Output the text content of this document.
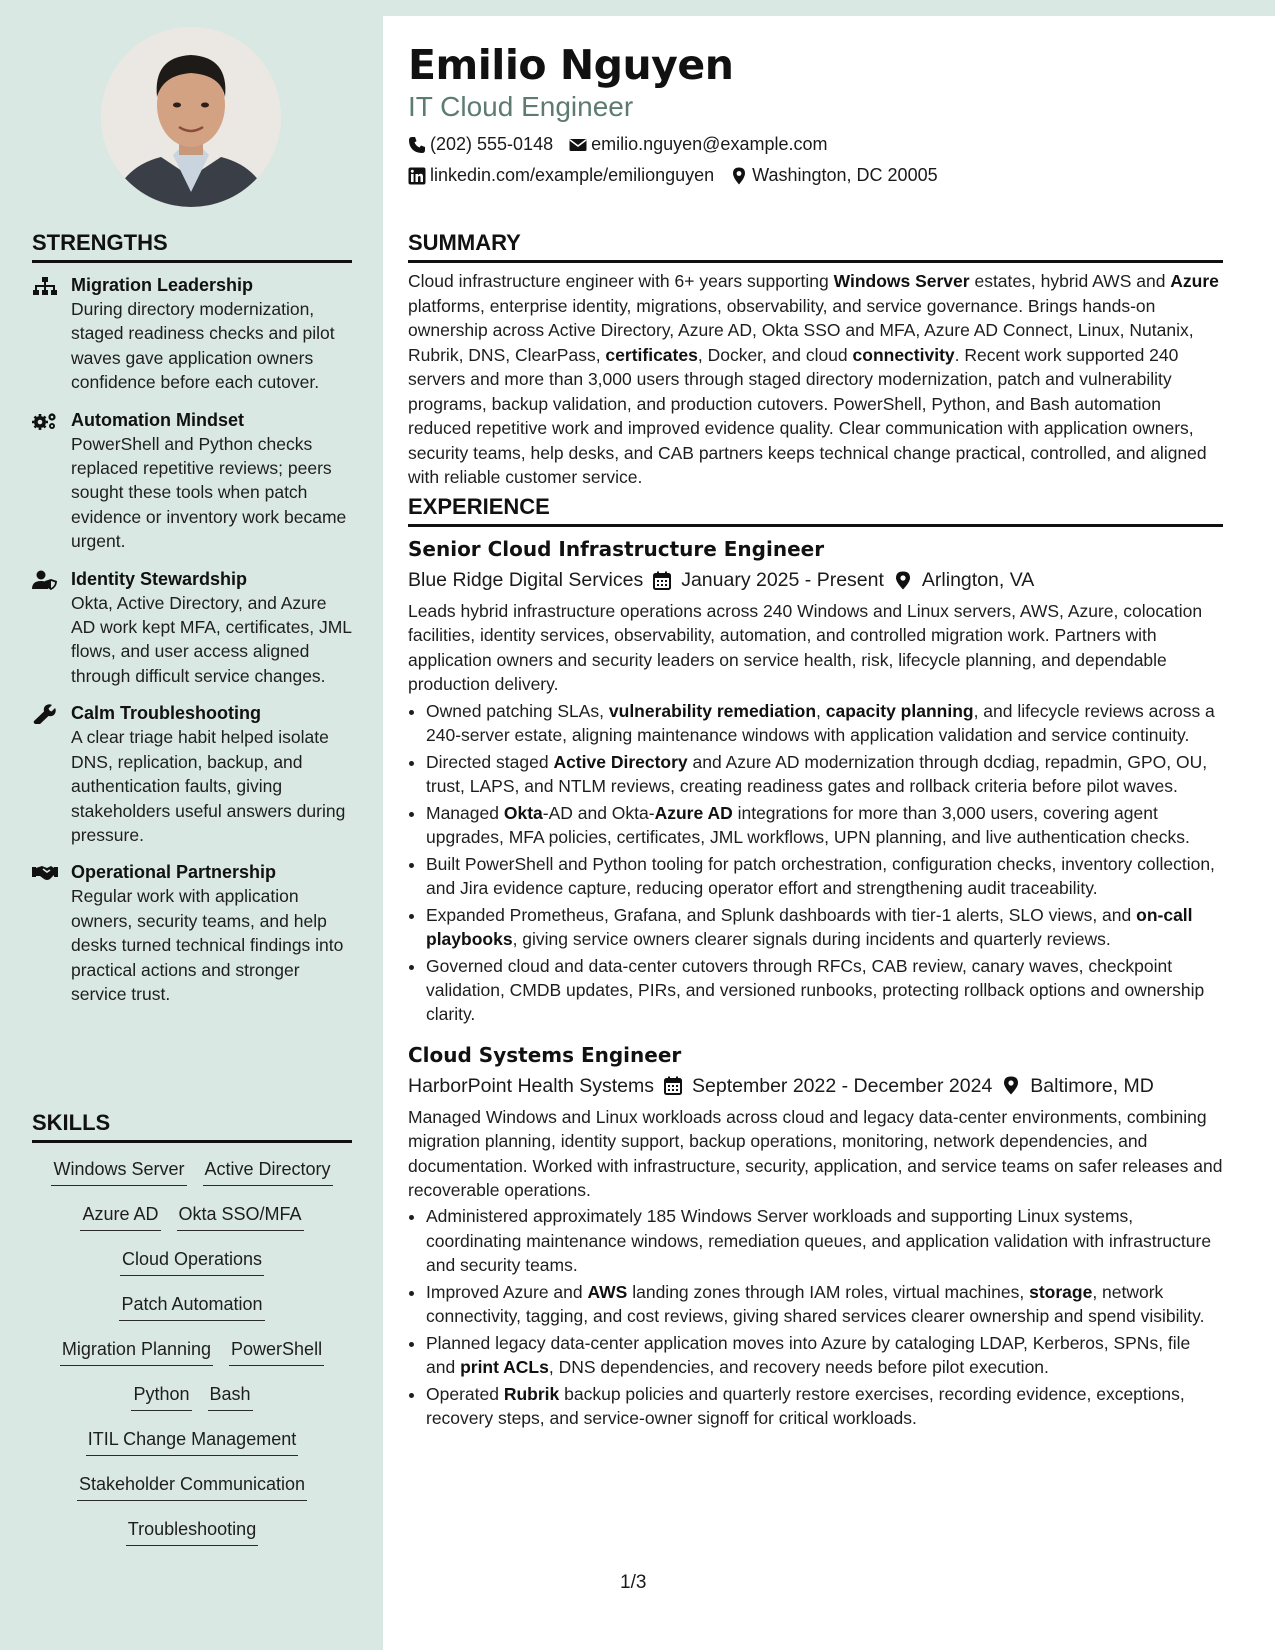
STRENGTHS
Migration Leadership
During directory modernization, staged readiness checks and pilot waves gave application owners confidence before each cutover.
Automation Mindset
PowerShell and Python checks replaced repetitive reviews; peers sought these tools when patch evidence or inventory work became urgent.
Identity Stewardship
Okta, Active Directory, and Azure AD work kept MFA, certificates, JML flows, and user access aligned through difficult service changes.
Calm Troubleshooting
A clear triage habit helped isolate DNS, replication, backup, and authentication faults, giving stakeholders useful answers during pressure.
Operational Partnership
Regular work with application owners, security teams, and help desks turned technical findings into practical actions and stronger service trust.
SKILLS
Windows Server Active Directory
Azure AD Okta SSO/MFA
Cloud Operations
Patch Automation
Migration Planning PowerShell
Python Bash
ITIL Change Management
Stakeholder Communication
Troubleshooting
Emilio Nguyen
IT Cloud Engineer
(202) 555-0148 emilio.nguyen@example.com
linkedin.com/example/emilionguyen Washington, DC 20005
SUMMARY
Cloud infrastructure engineer with 6+ years supporting Windows Server estates, hybrid AWS and Azure platforms, enterprise identity, migrations, observability, and service governance. Brings hands-on ownership across Active Directory, Azure AD, Okta SSO and MFA, Azure AD Connect, Linux, Nutanix, Rubrik, DNS, ClearPass, certificates, Docker, and cloud connectivity. Recent work supported 240 servers and more than 3,000 users through staged directory modernization, patch and vulnerability programs, backup validation, and production cutovers. PowerShell, Python, and Bash automation reduced repetitive work and improved evidence quality. Clear communication with application owners, security teams, help desks, and CAB partners keeps technical change practical, controlled, and aligned with reliable customer service.
EXPERIENCE
Senior Cloud Infrastructure Engineer
Blue Ridge Digital Services January 2025 - Present Arlington, VA
Leads hybrid infrastructure operations across 240 Windows and Linux servers, AWS, Azure, colocation facilities, identity services, observability, automation, and controlled migration work. Partners with application owners and security leaders on service health, risk, lifecycle planning, and dependable production delivery.
• Owned patching SLAs, vulnerability remediation, capacity planning, and lifecycle reviews across a 240-server estate, aligning maintenance windows with application validation and service continuity.
• Directed staged Active Directory and Azure AD modernization through dcdiag, repadmin, GPO, OU, trust, LAPS, and NTLM reviews, creating readiness gates and rollback criteria before pilot waves.
• Managed Okta-AD and Okta-Azure AD integrations for more than 3,000 users, covering agent upgrades, MFA policies, certificates, JML workflows, UPN planning, and live authentication checks.
• Built PowerShell and Python tooling for patch orchestration, configuration checks, inventory collection, and Jira evidence capture, reducing operator effort and strengthening audit traceability.
• Expanded Prometheus, Grafana, and Splunk dashboards with tier-1 alerts, SLO views, and on-call playbooks, giving service owners clearer signals during incidents and quarterly reviews.
• Governed cloud and data-center cutovers through RFCs, CAB review, canary waves, checkpoint validation, CMDB updates, PIRs, and versioned runbooks, protecting rollback options and ownership clarity.
Cloud Systems Engineer
HarborPoint Health Systems September 2022 - December 2024 Baltimore, MD
Managed Windows and Linux workloads across cloud and legacy data-center environments, combining migration planning, identity support, backup operations, monitoring, network dependencies, and documentation. Worked with infrastructure, security, application, and service teams on safer releases and recoverable operations.
• Administered approximately 185 Windows Server workloads and supporting Linux systems, coordinating maintenance windows, remediation queues, and application validation with infrastructure and security teams.
• Improved Azure and AWS landing zones through IAM roles, virtual machines, storage, network connectivity, tagging, and cost reviews, giving shared services clearer ownership and spend visibility.
• Planned legacy data-center application moves into Azure by cataloging LDAP, Kerberos, SPNs, file and print ACLs, DNS dependencies, and recovery needs before pilot execution.
• Operated Rubrik backup policies and quarterly restore exercises, recording evidence, exceptions, recovery steps, and service-owner signoff for critical workloads.
1/3
